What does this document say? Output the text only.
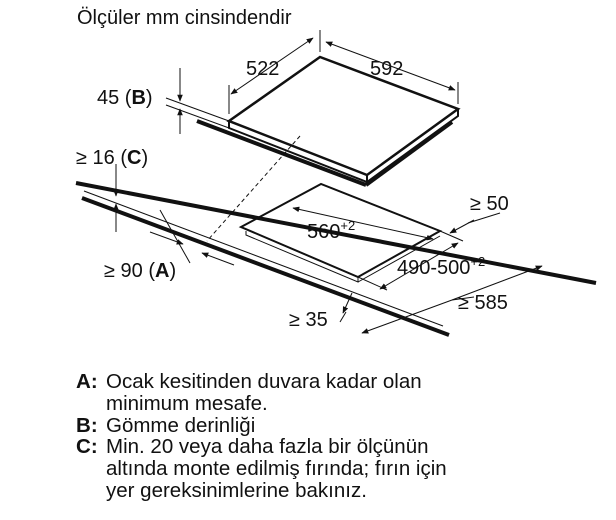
Ölçüler mm cinsindendir
522	592
45 (B)
≥ 16 (C)
$560^{+2}$
$490-500^{+2}$
≥ 90 (A)
≥ 50
≥ 585
≥ 35
A: Ocak kesitinden duvara kadar olan
minimum mesafe.
B: Gömme derinliği
C: Min. 20 veya daha fazla bir ölçünün
altında monte edilmiş fırında; fırın için
yer gereksinimlerine bakınız.
